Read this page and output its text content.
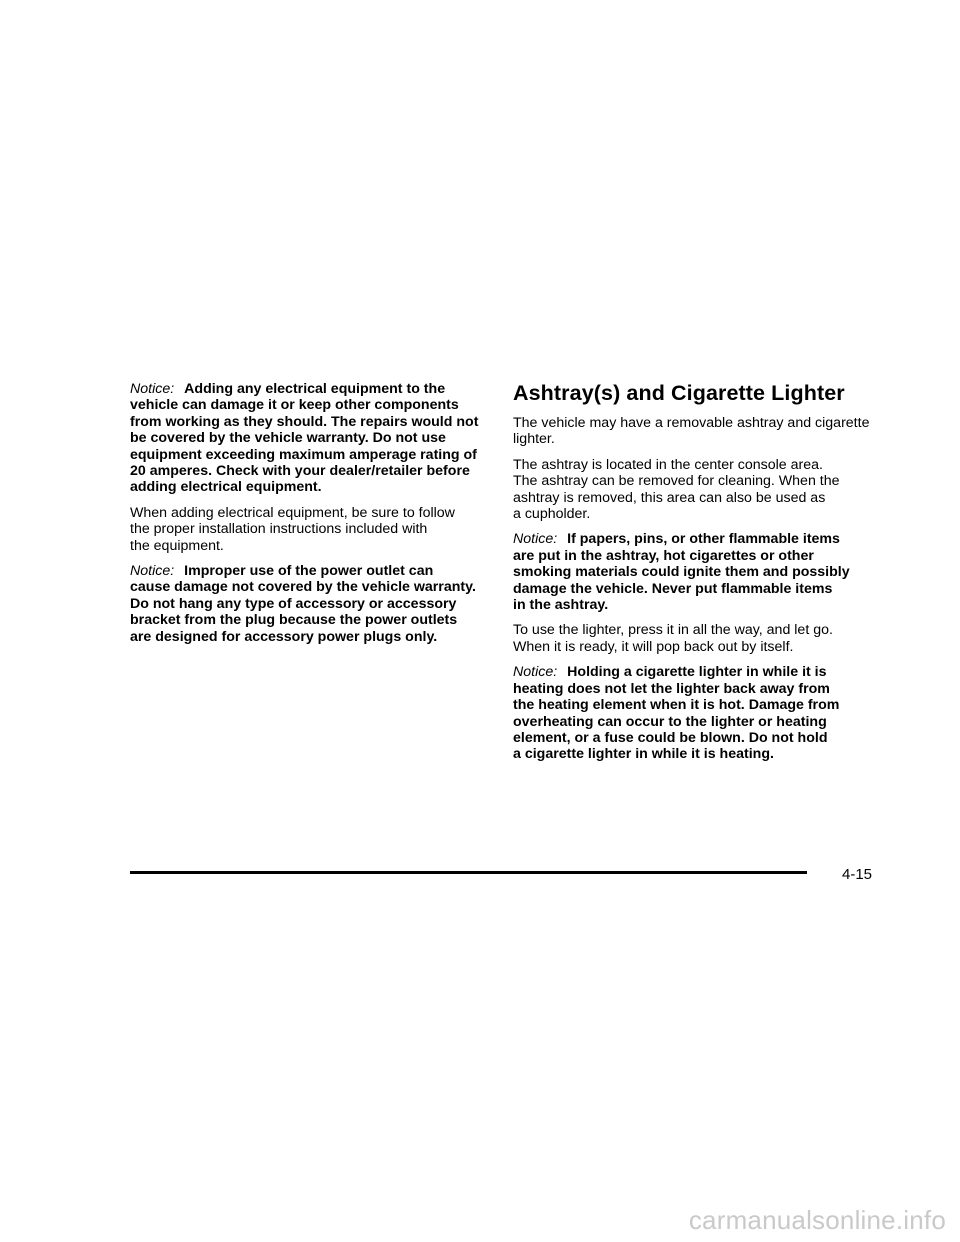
Notice: Adding any electrical equipment to the
vehicle can damage it or keep other components
from working as they should. The repairs would not
be covered by the vehicle warranty. Do not use
equipment exceeding maximum amperage rating of
20 amperes. Check with your dealer/retailer before
adding electrical equipment.

When adding electrical equipment, be sure to follow
the proper installation instructions included with
the equipment.

Notice: Improper use of the power outlet can
cause damage not covered by the vehicle warranty.
Do not hang any type of accessory or accessory
bracket from the plug because the power outlets
are designed for accessory power plugs only.

Ashtray(s) and Cigarette Lighter

The vehicle may have a removable ashtray and cigarette
lighter.

The ashtray is located in the center console area.
The ashtray can be removed for cleaning. When the
ashtray is removed, this area can also be used as
a cupholder.

Notice: If papers, pins, or other flammable items
are put in the ashtray, hot cigarettes or other
smoking materials could ignite them and possibly
damage the vehicle. Never put flammable items
in the ashtray.

To use the lighter, press it in all the way, and let go.
When it is ready, it will pop back out by itself.

Notice: Holding a cigarette lighter in while it is
heating does not let the lighter back away from
the heating element when it is hot. Damage from
overheating can occur to the lighter or heating
element, or a fuse could be blown. Do not hold
a cigarette lighter in while it is heating.

4-15
carmanualsonline.info
